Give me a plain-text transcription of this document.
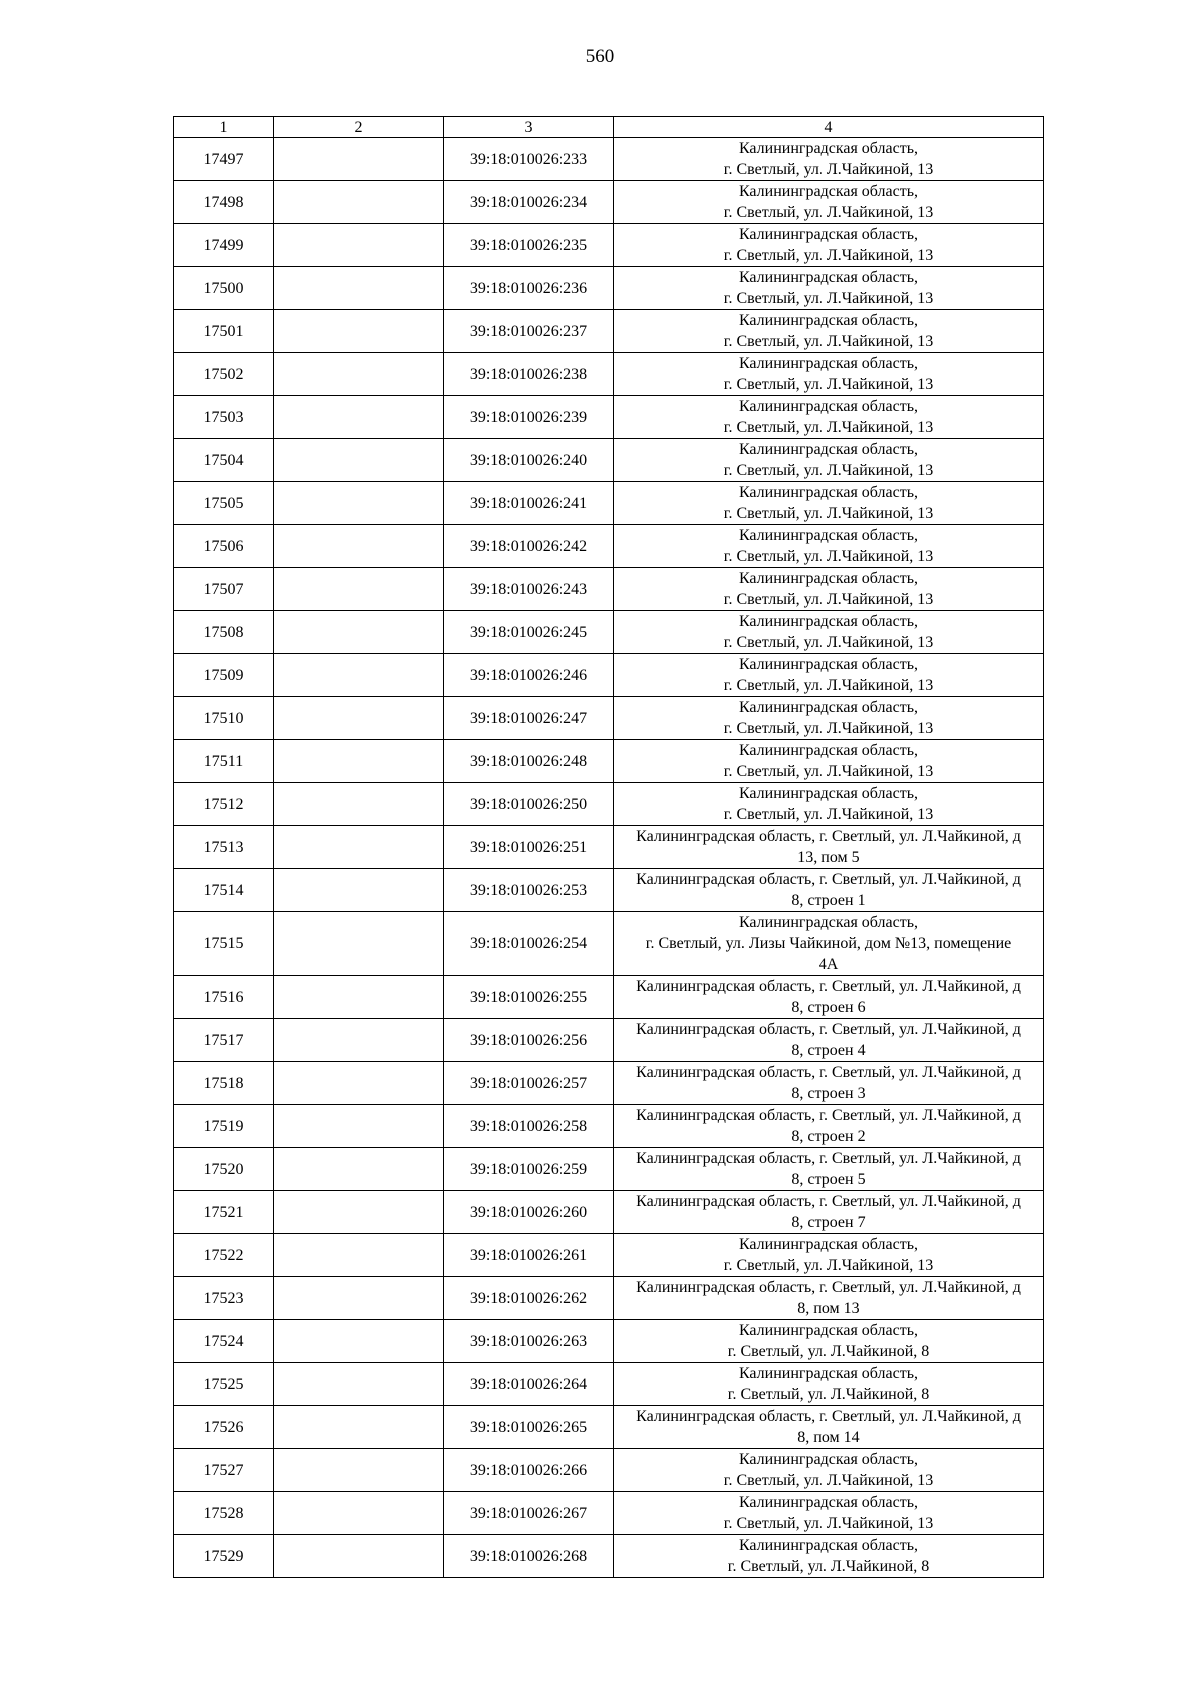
560
1	2	3	4
17497		39:18:010026:233	Калининградская область,
г. Светлый, ул. Л.Чайкиной, 13

17498		39:18:010026:234	Калининградская область,
г. Светлый, ул. Л.Чайкиной, 13

17499		39:18:010026:235	Калининградская область,
г. Светлый, ул. Л.Чайкиной, 13

17500		39:18:010026:236	Калининградская область,
г. Светлый, ул. Л.Чайкиной, 13

17501		39:18:010026:237	Калининградская область,
г. Светлый, ул. Л.Чайкиной, 13

17502		39:18:010026:238	Калининградская область,
г. Светлый, ул. Л.Чайкиной, 13

17503		39:18:010026:239	Калининградская область,
г. Светлый, ул. Л.Чайкиной, 13

17504		39:18:010026:240	Калининградская область,
г. Светлый, ул. Л.Чайкиной, 13

17505		39:18:010026:241	Калининградская область,
г. Светлый, ул. Л.Чайкиной, 13

17506		39:18:010026:242	Калининградская область,
г. Светлый, ул. Л.Чайкиной, 13

17507		39:18:010026:243	Калининградская область,
г. Светлый, ул. Л.Чайкиной, 13

17508		39:18:010026:245	Калининградская область,
г. Светлый, ул. Л.Чайкиной, 13

17509		39:18:010026:246	Калининградская область,
г. Светлый, ул. Л.Чайкиной, 13

17510		39:18:010026:247	Калининградская область,
г. Светлый, ул. Л.Чайкиной, 13

17511		39:18:010026:248	Калининградская область,
г. Светлый, ул. Л.Чайкиной, 13

17512		39:18:010026:250	Калининградская область,
г. Светлый, ул. Л.Чайкиной, 13

17513		39:18:010026:251	Калининградская область, г. Светлый, ул. Л.Чайкиной, д
13, пом 5

17514		39:18:010026:253	Калининградская область, г. Светлый, ул. Л.Чайкиной, д
8, строен 1

17515		39:18:010026:254	Калининградская область,
г. Светлый, ул. Лизы Чайкиной, дом №13, помещение
4А

17516		39:18:010026:255	Калининградская область, г. Светлый, ул. Л.Чайкиной, д
8, строен 6

17517		39:18:010026:256	Калининградская область, г. Светлый, ул. Л.Чайкиной, д
8, строен 4

17518		39:18:010026:257	Калининградская область, г. Светлый, ул. Л.Чайкиной, д
8, строен 3

17519		39:18:010026:258	Калининградская область, г. Светлый, ул. Л.Чайкиной, д
8, строен 2

17520		39:18:010026:259	Калининградская область, г. Светлый, ул. Л.Чайкиной, д
8, строен 5

17521		39:18:010026:260	Калининградская область, г. Светлый, ул. Л.Чайкиной, д
8, строен 7

17522		39:18:010026:261	Калининградская область,
г. Светлый, ул. Л.Чайкиной, 13

17523		39:18:010026:262	Калининградская область, г. Светлый, ул. Л.Чайкиной, д
8, пом 13

17524		39:18:010026:263	Калининградская область,
г. Светлый, ул. Л.Чайкиной, 8

17525		39:18:010026:264	Калининградская область,
г. Светлый, ул. Л.Чайкиной, 8

17526		39:18:010026:265	Калининградская область, г. Светлый, ул. Л.Чайкиной, д
8, пом 14

17527		39:18:010026:266	Калининградская область,
г. Светлый, ул. Л.Чайкиной, 13

17528		39:18:010026:267	Калининградская область,
г. Светлый, ул. Л.Чайкиной, 13

17529		39:18:010026:268	Калининградская область,
г. Светлый, ул. Л.Чайкиной, 8
